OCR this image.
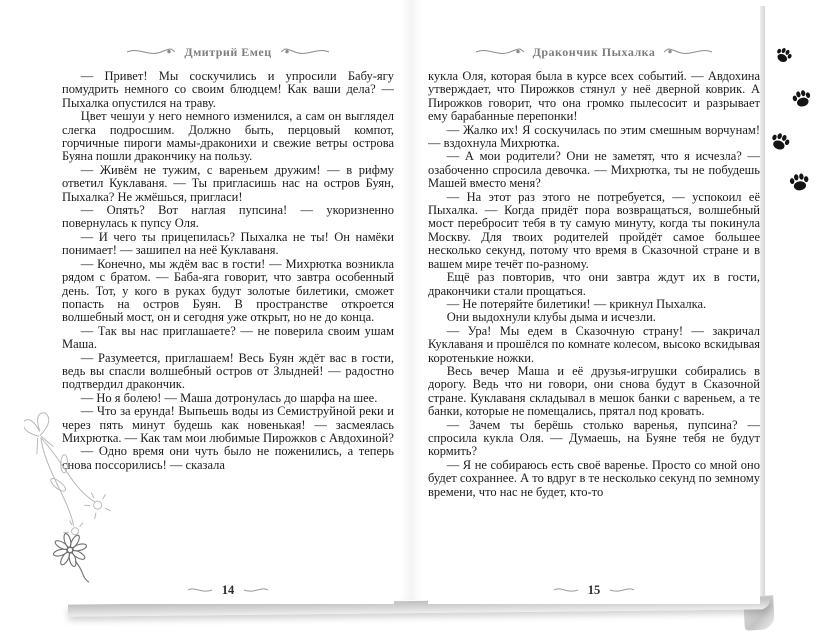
Дмитрий Емец

— Привет! Мы соскучились и упросили Бабу-ягу помудрить немного со своим блюдцем! Как ваши дела? — Пыхалка опустился на траву.

Цвет чешуи у него немного изменился, а сам он выглядел слегка подросшим. Должно быть, перцовый компот, горчичные пироги мамы-драконихи и свежие ветры острова Буяна пошли дракончику на пользу.

— Живём не тужим, с вареньем дружим! — в рифму ответил Куклаваня. — Ты пригласишь нас на остров Буян, Пыхалка? Не жмёшься, пригласи!

— Опять? Вот наглая пупсина! — укоризненно повернулась к пупсу Оля.

— И чего ты прицепилась? Пыхалка не ты! Он намёки понимает! — зашипел на неё Куклаваня.

— Конечно, мы ждём вас в гости! — Михрютка возникла рядом с братом. — Баба-яга говорит, что завтра особенный день. Тот, у кого в руках будут золотые билетики, сможет попасть на остров Буян. В пространстве откроется волшебный мост, он и сегодня уже открыт, но не до конца.

— Так вы нас приглашаете? — не поверила своим ушам Маша.

— Разумеется, приглашаем! Весь Буян ждёт вас в гости, ведь вы спасли волшебный остров от Злыдней! — радостно подтвердил дракончик.

— Но я болею! — Маша дотронулась до шарфа на шее.

— Что за ерунда! Выпьешь воды из Семиструйной реки и через пять минут будешь как новенькая! — засмеялась Михрютка. — Как там мои любимые Пирожков с Авдохиной?

— Одно время они чуть было не поженились, а теперь снова поссорились! — сказала

14
Дракончик Пыхалка

кукла Оля, которая была в курсе всех событий. — Авдохина утверждает, что Пирожков стянул у неё дверной коврик. А Пирожков говорит, что она громко пылесосит и разрывает ему барабанные перепонки!

— Жалко их! Я соскучилась по этим смешным ворчунам! — вздохнула Михрютка.

— А мои родители? Они не заметят, что я исчезла? — озабоченно спросила девочка. — Михрютка, ты не побудешь Машей вместо меня?

— На этот раз этого не потребуется, — успокоил её Пыхалка. — Когда придёт пора возвращаться, волшебный мост перебросит тебя в ту самую минуту, когда ты покинула Москву. Для твоих родителей пройдёт самое большее несколько секунд, потому что время в Сказочной стране и в вашем мире течёт по-разному.

Ещё раз повторив, что они завтра ждут их в гости, дракончики стали прощаться.

— Не потеряйте билетики! — крикнул Пыхалка.

Они выдохнули клубы дыма и исчезли.

— Ура! Мы едем в Сказочную страну! — закричал Куклаваня и прошёлся по комнате колесом, высоко вскидывая коротенькие ножки.

Весь вечер Маша и её друзья-игрушки собирались в дорогу. Ведь что ни говори, они снова будут в Сказочной стране. Куклаваня складывал в мешок банки с вареньем, а те банки, которые не помещались, прятал под кровать.

— Зачем ты берёшь столько варенья, пупсина? — спросила кукла Оля. — Думаешь, на Буяне тебя не будут кормить?

— Я не собираюсь есть своё варенье. Просто со мной оно будет сохраннее. А то вдруг в те несколько секунд по земному времени, что нас не будет, кто-то

15
